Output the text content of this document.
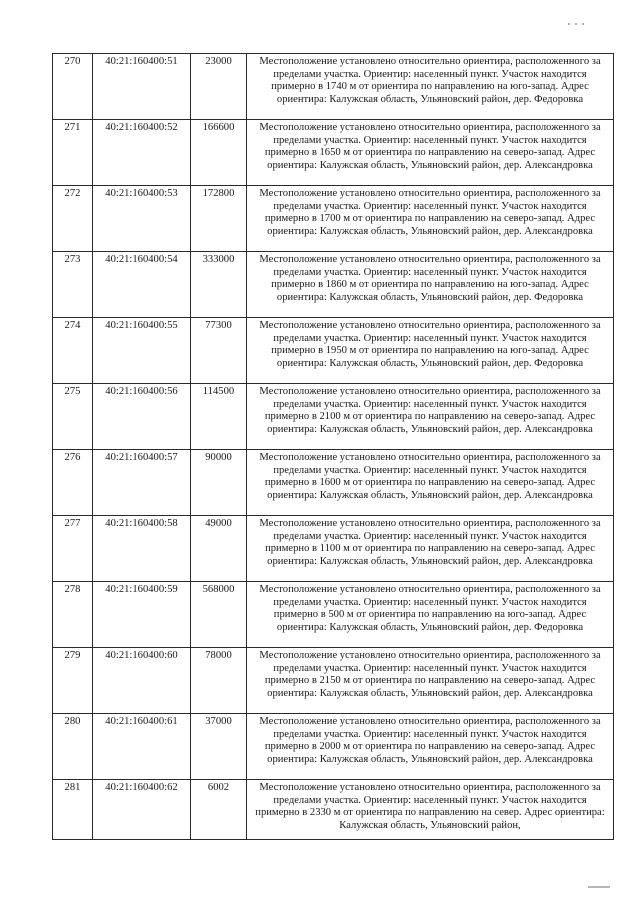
270	40:21:160400:51	23000	Местоположение установлено относительно ориентира, расположенного за пределами участка. Ориентир: населенный пункт. Участок находится примерно в 1740 м от ориентира по направлению на юго-запад. Адрес ориентира: Калужская область, Ульяновский район, дер. Федоровка
271	40:21:160400:52	166600	Местоположение установлено относительно ориентира, расположенного за пределами участка. Ориентир: населенный пункт. Участок находится примерно в 1650 м от ориентира по направлению на северо-запад. Адрес ориентира: Калужская область, Ульяновский район, дер. Александровка
272	40:21:160400:53	172800	Местоположение установлено относительно ориентира, расположенного за пределами участка. Ориентир: населенный пункт. Участок находится примерно в 1700 м от ориентира по направлению на северо-запад. Адрес ориентира: Калужская область, Ульяновский район, дер. Александровка
273	40:21:160400:54	333000	Местоположение установлено относительно ориентира, расположенного за пределами участка. Ориентир: населенный пункт. Участок находится примерно в 1860 м от ориентира по направлению на юго-запад. Адрес ориентира: Калужская область, Ульяновский район, дер. Федоровка
274	40:21:160400:55	77300	Местоположение установлено относительно ориентира, расположенного за пределами участка. Ориентир: населенный пункт. Участок находится примерно в 1950 м от ориентира по направлению на юго-запад. Адрес ориентира: Калужская область, Ульяновский район, дер. Федоровка
275	40:21:160400:56	114500	Местоположение установлено относительно ориентира, расположенного за пределами участка. Ориентир: населенный пункт. Участок находится примерно в 2100 м от ориентира по направлению на северо-запад. Адрес ориентира: Калужская область, Ульяновский район, дер. Александровка
276	40:21:160400:57	90000	Местоположение установлено относительно ориентира, расположенного за пределами участка. Ориентир: населенный пункт. Участок находится примерно в 1600 м от ориентира по направлению на северо-запад. Адрес ориентира: Калужская область, Ульяновский район, дер. Александровка
277	40:21:160400:58	49000	Местоположение установлено относительно ориентира, расположенного за пределами участка. Ориентир: населенный пункт. Участок находится примерно в 1100 м от ориентира по направлению на северо-запад. Адрес ориентира: Калужская область, Ульяновский район, дер. Александровка
278	40:21:160400:59	568000	Местоположение установлено относительно ориентира, расположенного за пределами участка. Ориентир: населенный пункт. Участок находится примерно в 500 м от ориентира по направлению на юго-запад. Адрес ориентира: Калужская область, Ульяновский район, дер. Федоровка
279	40:21:160400:60	78000	Местоположение установлено относительно ориентира, расположенного за пределами участка. Ориентир: населенный пункт. Участок находится примерно в 2150 м от ориентира по направлению на северо-запад. Адрес ориентира: Калужская область, Ульяновский район, дер. Александровка
280	40:21:160400:61	37000	Местоположение установлено относительно ориентира, расположенного за пределами участка. Ориентир: населенный пункт. Участок находится примерно в 2000 м от ориентира по направлению на северо-запад. Адрес ориентира: Калужская область, Ульяновский район, дер. Александровка
281	40:21:160400:62	6002	Местоположение установлено относительно ориентира, расположенного за пределами участка. Ориентир: населенный пункт. Участок находится примерно в 2330 м от ориентира по направлению на север. Адрес ориентира: Калужская область, Ульяновский район,
